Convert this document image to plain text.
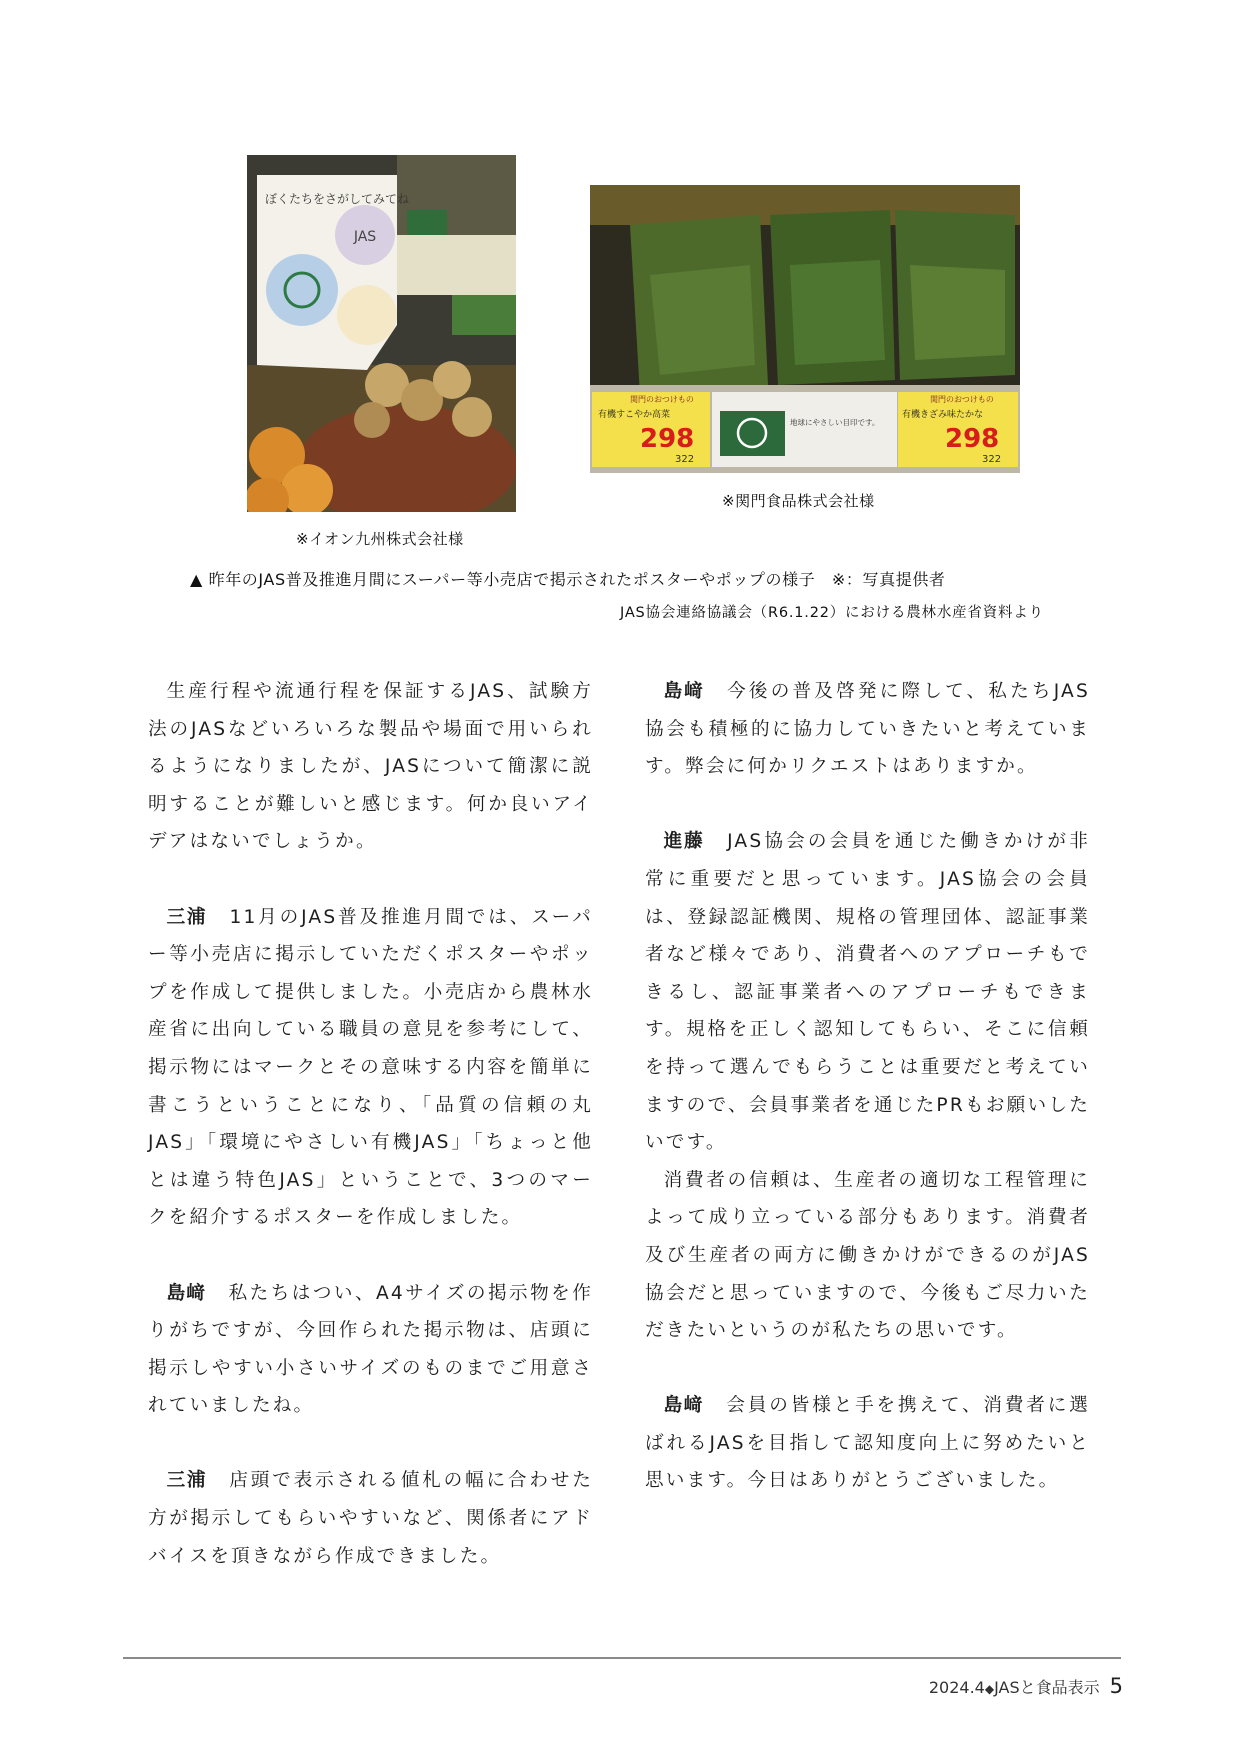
JAS
ぼくたちをさがしてみてね
※イオン九州株式会社様
298	298
322	322
有機すこやか高菜	有機きざみ味たかな
地球にやさしい目印です。
関門のおつけもの	関門のおつけもの
※関門食品株式会社様
▲ 昨年のJAS普及推進月間にスーパー等小売店で掲示されたポスターやポップの様子　※：写真提供者
JAS協会連絡協議会（R6.1.22）における農林水産省資料より

生産行程や流通行程を保証するJAS、試験方法のJASなどいろいろな製品や場面で用いられるようになりましたが、JASについて簡潔に説明することが難しいと感じます。何か良いアイデアはないでしょうか。

三浦 11月のJAS普及推進月間では、スーパー等小売店に掲示していただくポスターやポップを作成して提供しました。小売店から農林水産省に出向している職員の意見を参考にして、掲示物にはマークとその意味する内容を簡単に書こうということになり、「品質の信頼の丸JAS」「環境にやさしい有機JAS」「ちょっと他とは違う特色JAS」ということで、3つのマークを紹介するポスターを作成しました。

島﨑 私たちはつい、A4サイズの掲示物を作りがちですが、今回作られた掲示物は、店頭に掲示しやすい小さいサイズのものまでご用意されていましたね。

三浦 店頭で表示される値札の幅に合わせた方が掲示してもらいやすいなど、関係者にアドバイスを頂きながら作成できました。

島﨑 今後の普及啓発に際して、私たちJAS協会も積極的に協力していきたいと考えています。弊会に何かリクエストはありますか。

進藤 JAS協会の会員を通じた働きかけが非常に重要だと思っています。JAS協会の会員は、登録認証機関、規格の管理団体、認証事業者など様々であり、消費者へのアプローチもできるし、認証事業者へのアプローチもできます。規格を正しく認知してもらい、そこに信頼を持って選んでもらうことは重要だと考えていますので、会員事業者を通じたPRもお願いしたいです。

消費者の信頼は、生産者の適切な工程管理によって成り立っている部分もあります。消費者及び生産者の両方に働きかけができるのがJAS協会だと思っていますので、今後もご尽力いただきたいというのが私たちの思いです。

島﨑 会員の皆様と手を携えて、消費者に選ばれるJASを目指して認知度向上に努めたいと思います。今日はありがとうございました。

2024.4◆JASと食品表示 5
